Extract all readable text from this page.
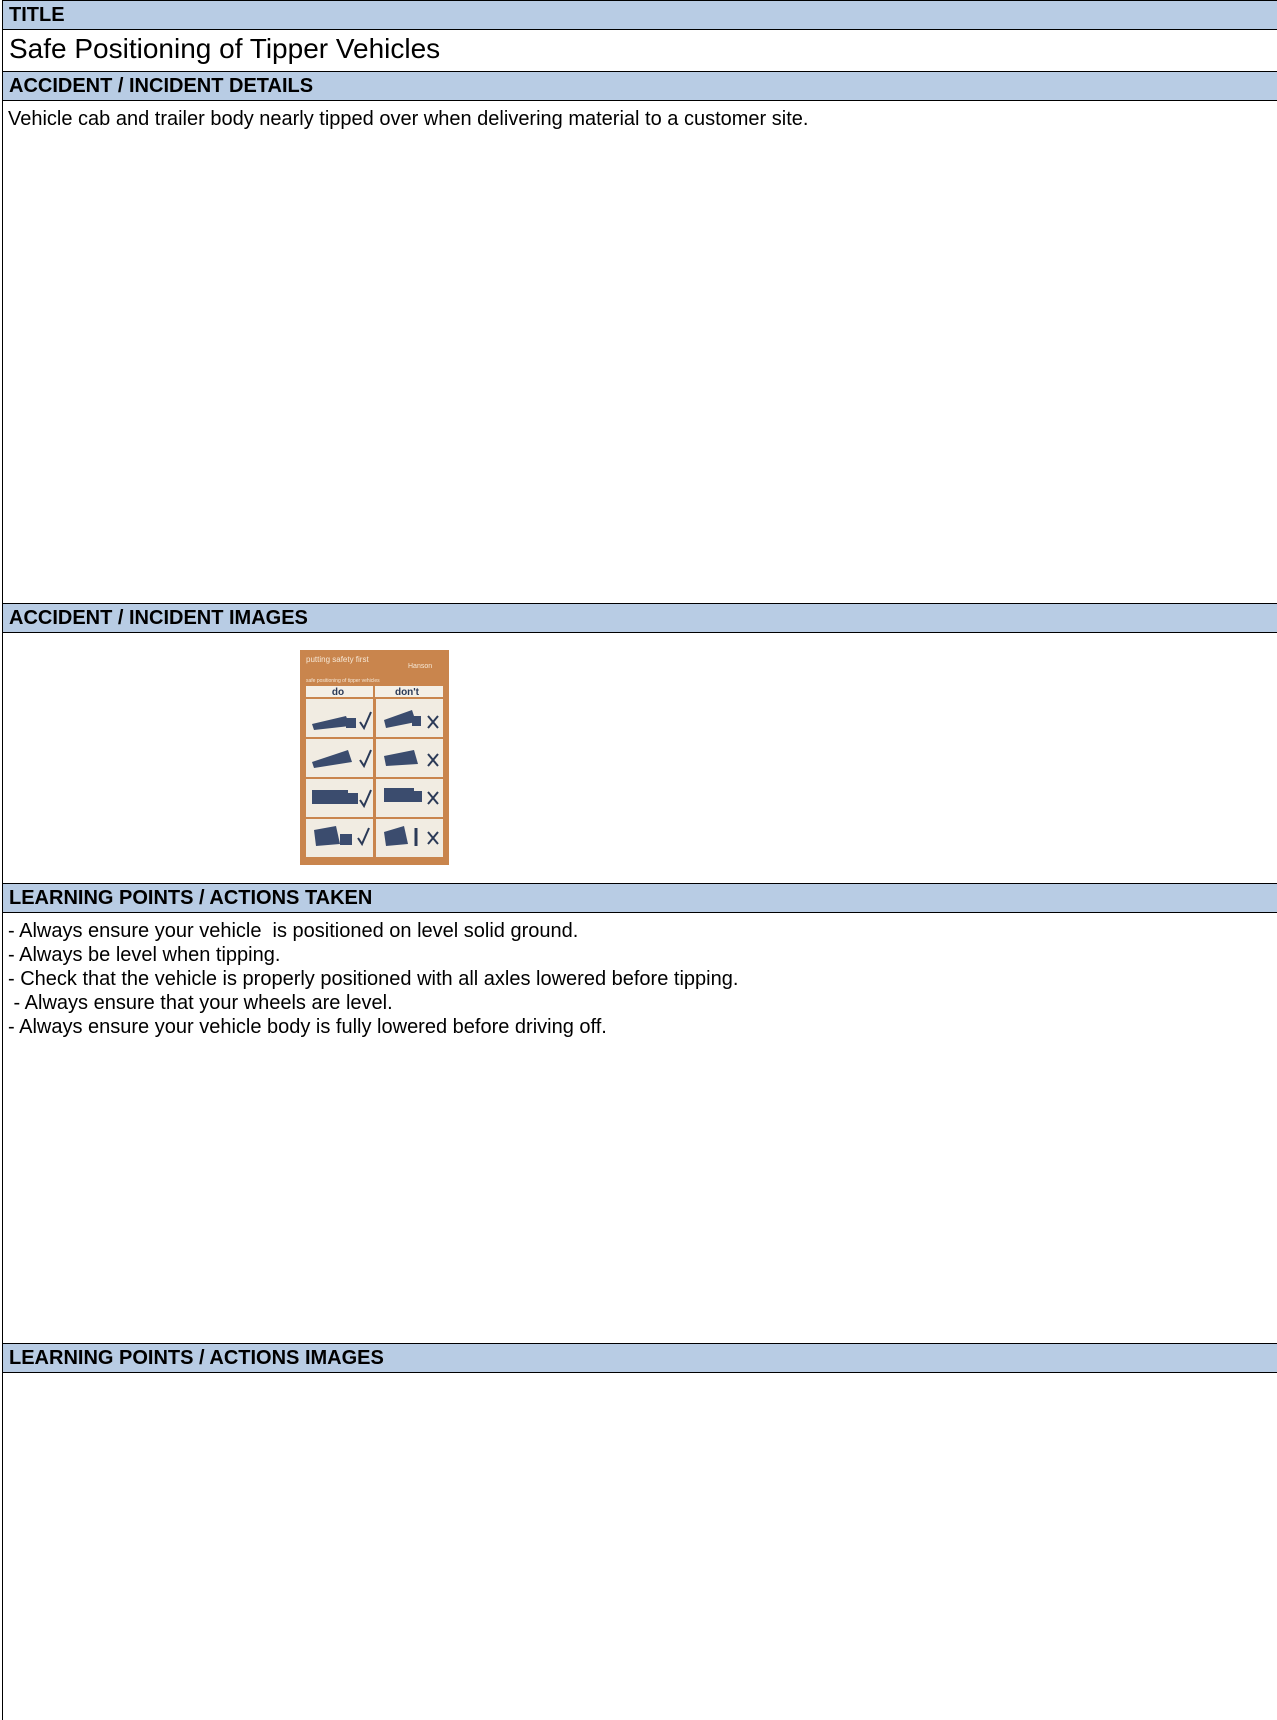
TITLE
Safe Positioning of Tipper Vehicles
ACCIDENT / INCIDENT DETAILS
Vehicle cab and trailer body nearly tipped over when delivering material to a customer site.
ACCIDENT / INCIDENT IMAGES
putting safety first
Hanson
safe positioning of tipper vehicles
do	don't
LEARNING POINTS / ACTIONS TAKEN
- Always ensure your vehicle  is positioned on level solid ground.
- Always be level when tipping.
- Check that the vehicle is properly positioned with all axles lowered before tipping.
- Always ensure that your wheels are level.
- Always ensure your vehicle body is fully lowered before driving off.
LEARNING POINTS / ACTIONS IMAGES
